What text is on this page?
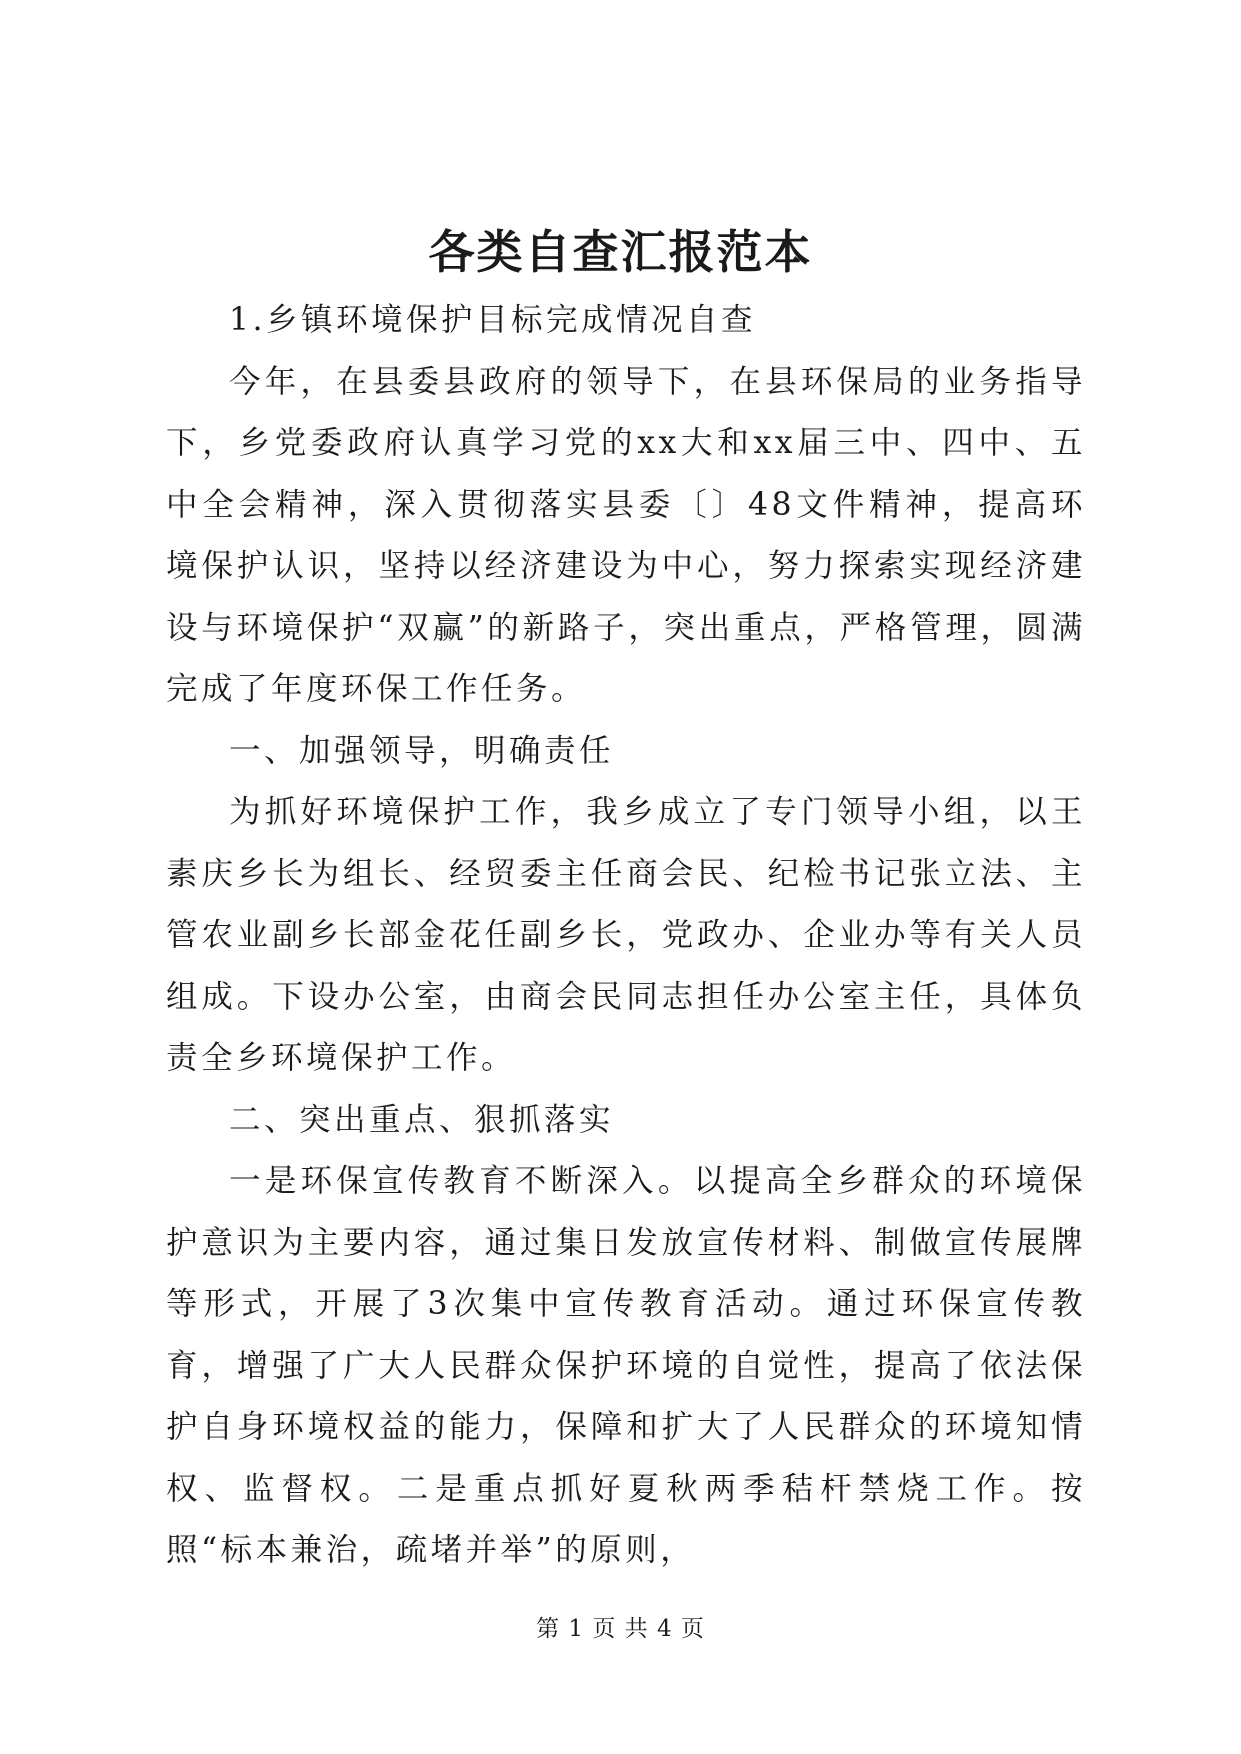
各类自查汇报范本

1.乡镇环境保护目标完成情况自查

今年，在县委县政府的领导下，在县环保局的业务指导下，乡党委政府认真学习党的xx大和xx届三中、四中、五中全会精神，深入贯彻落实县委〔〕48文件精神，提高环境保护认识，坚持以经济建设为中心，努力探索实现经济建设与环境保护“双赢”的新路子，突出重点，严格管理，圆满完成了年度环保工作任务。

一、加强领导，明确责任

为抓好环境保护工作，我乡成立了专门领导小组，以王素庆乡长为组长、经贸委主任商会民、纪检书记张立法、主管农业副乡长部金花任副乡长，党政办、企业办等有关人员组成。下设办公室，由商会民同志担任办公室主任，具体负责全乡环境保护工作。

二、突出重点、狠抓落实

一是环保宣传教育不断深入。以提高全乡群众的环境保护意识为主要内容，通过集日发放宣传材料、制做宣传展牌等形式，开展了3次集中宣传教育活动。通过环保宣传教育，增强了广大人民群众保护环境的自觉性，提高了依法保护自身环境权益的能力，保障和扩大了人民群众的环境知情权、监督权。二是重点抓好夏秋两季秸杆禁烧工作。按照“标本兼治，疏堵并举”的原则，

第 1 页 共 4 页
